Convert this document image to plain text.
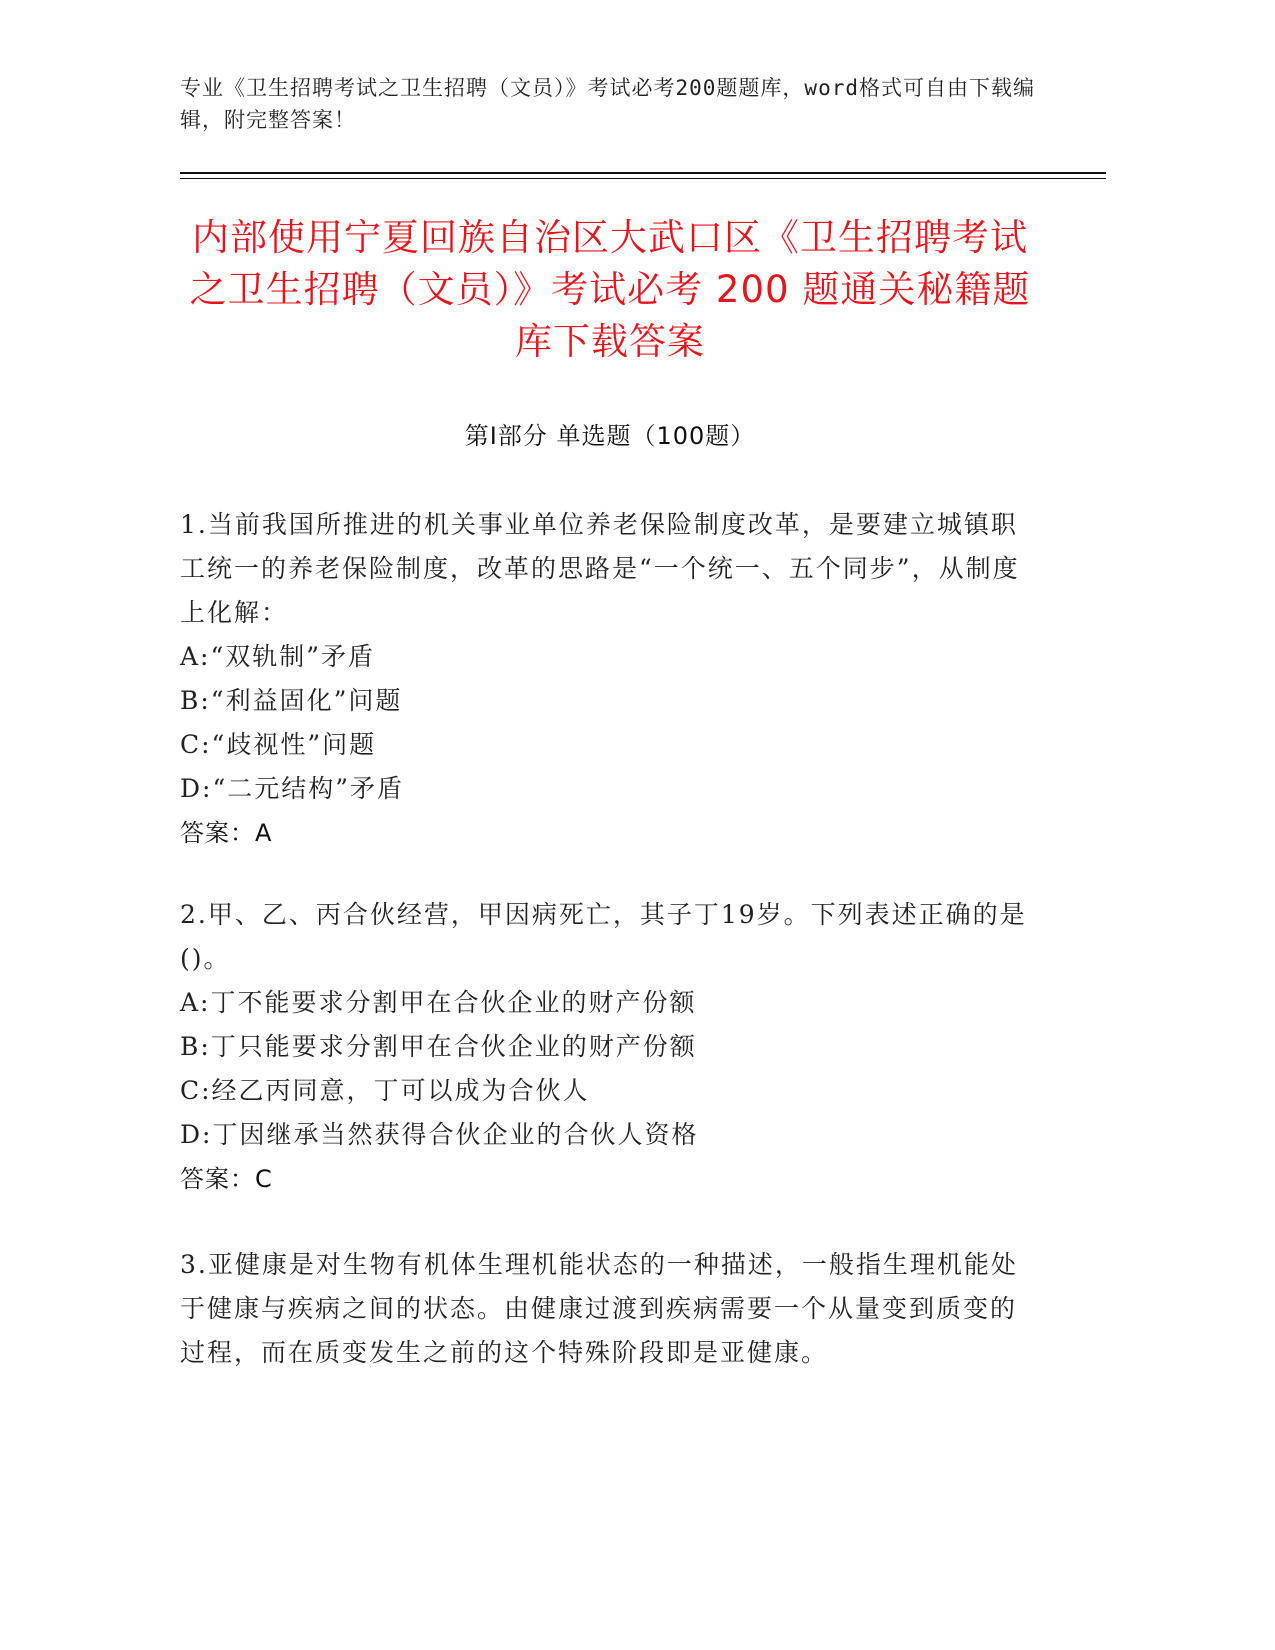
专业《卫生招聘考试之卫生招聘（文员）》考试必考200题题库，word格式可自由下载编辑，附完整答案！
内部使用宁夏回族自治区大武口区《卫生招聘考试之卫生招聘（文员）》考试必考 200 题通关秘籍题库下载答案
第Ⅰ部分 单选题（100题）
1.当前我国所推进的机关事业单位养老保险制度改革，是要建立城镇职工统一的养老保险制度，改革的思路是“一个统一、五个同步”，从制度上化解：
A:“双轨制”矛盾
B:“利益固化”问题
C:“歧视性”问题
D:“二元结构”矛盾
答案：A
2.甲、乙、丙合伙经营，甲因病死亡，其子丁19岁。下列表述正确的是()。
A:丁不能要求分割甲在合伙企业的财产份额
B:丁只能要求分割甲在合伙企业的财产份额
C:经乙丙同意，丁可以成为合伙人
D:丁因继承当然获得合伙企业的合伙人资格
答案：C
3.亚健康是对生物有机体生理机能状态的一种描述，一般指生理机能处于健康与疾病之间的状态。由健康过渡到疾病需要一个从量变到质变的过程，而在质变发生之前的这个特殊阶段即是亚健康。
